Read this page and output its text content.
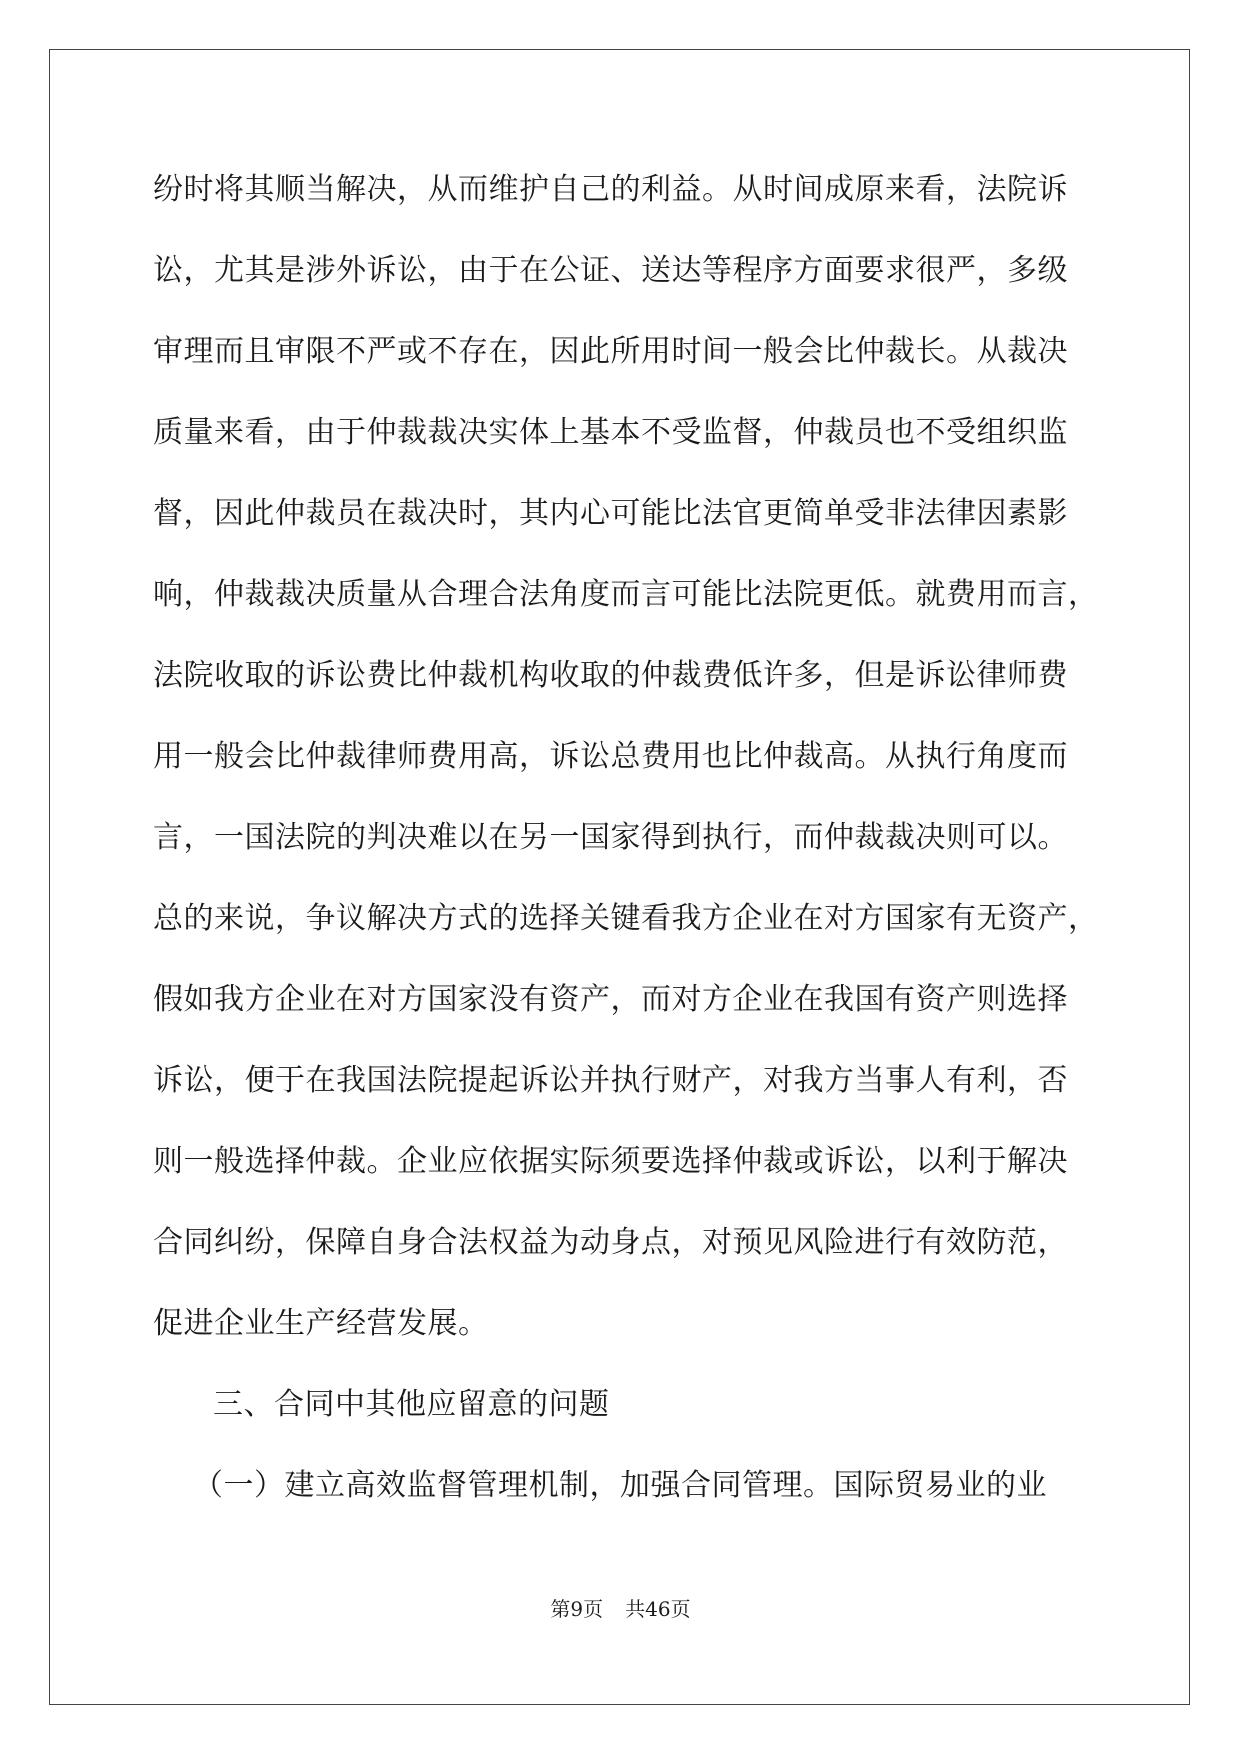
纷时将其顺当解决，从而维护自己的利益。从时间成原来看，法院诉
讼，尤其是涉外诉讼，由于在公证、送达等程序方面要求很严，多级
审理而且审限不严或不存在，因此所用时间一般会比仲裁长。从裁决
质量来看，由于仲裁裁决实体上基本不受监督，仲裁员也不受组织监
督，因此仲裁员在裁决时，其内心可能比法官更简单受非法律因素影
响，仲裁裁决质量从合理合法角度而言可能比法院更低。就费用而言，
法院收取的诉讼费比仲裁机构收取的仲裁费低许多，但是诉讼律师费
用一般会比仲裁律师费用高，诉讼总费用也比仲裁高。从执行角度而
言，一国法院的判决难以在另一国家得到执行，而仲裁裁决则可以。
总的来说，争议解决方式的选择关键看我方企业在对方国家有无资产，
假如我方企业在对方国家没有资产，而对方企业在我国有资产则选择
诉讼，便于在我国法院提起诉讼并执行财产，对我方当事人有利，否
则一般选择仲裁。企业应依据实际须要选择仲裁或诉讼，以利于解决
合同纠纷，保障自身合法权益为动身点，对预见风险进行有效防范，
促进企业生产经营发展。
三、合同中其他应留意的问题
（一）建立高效监督管理机制，加强合同管理。国际贸易业的业
第9页 共46页
